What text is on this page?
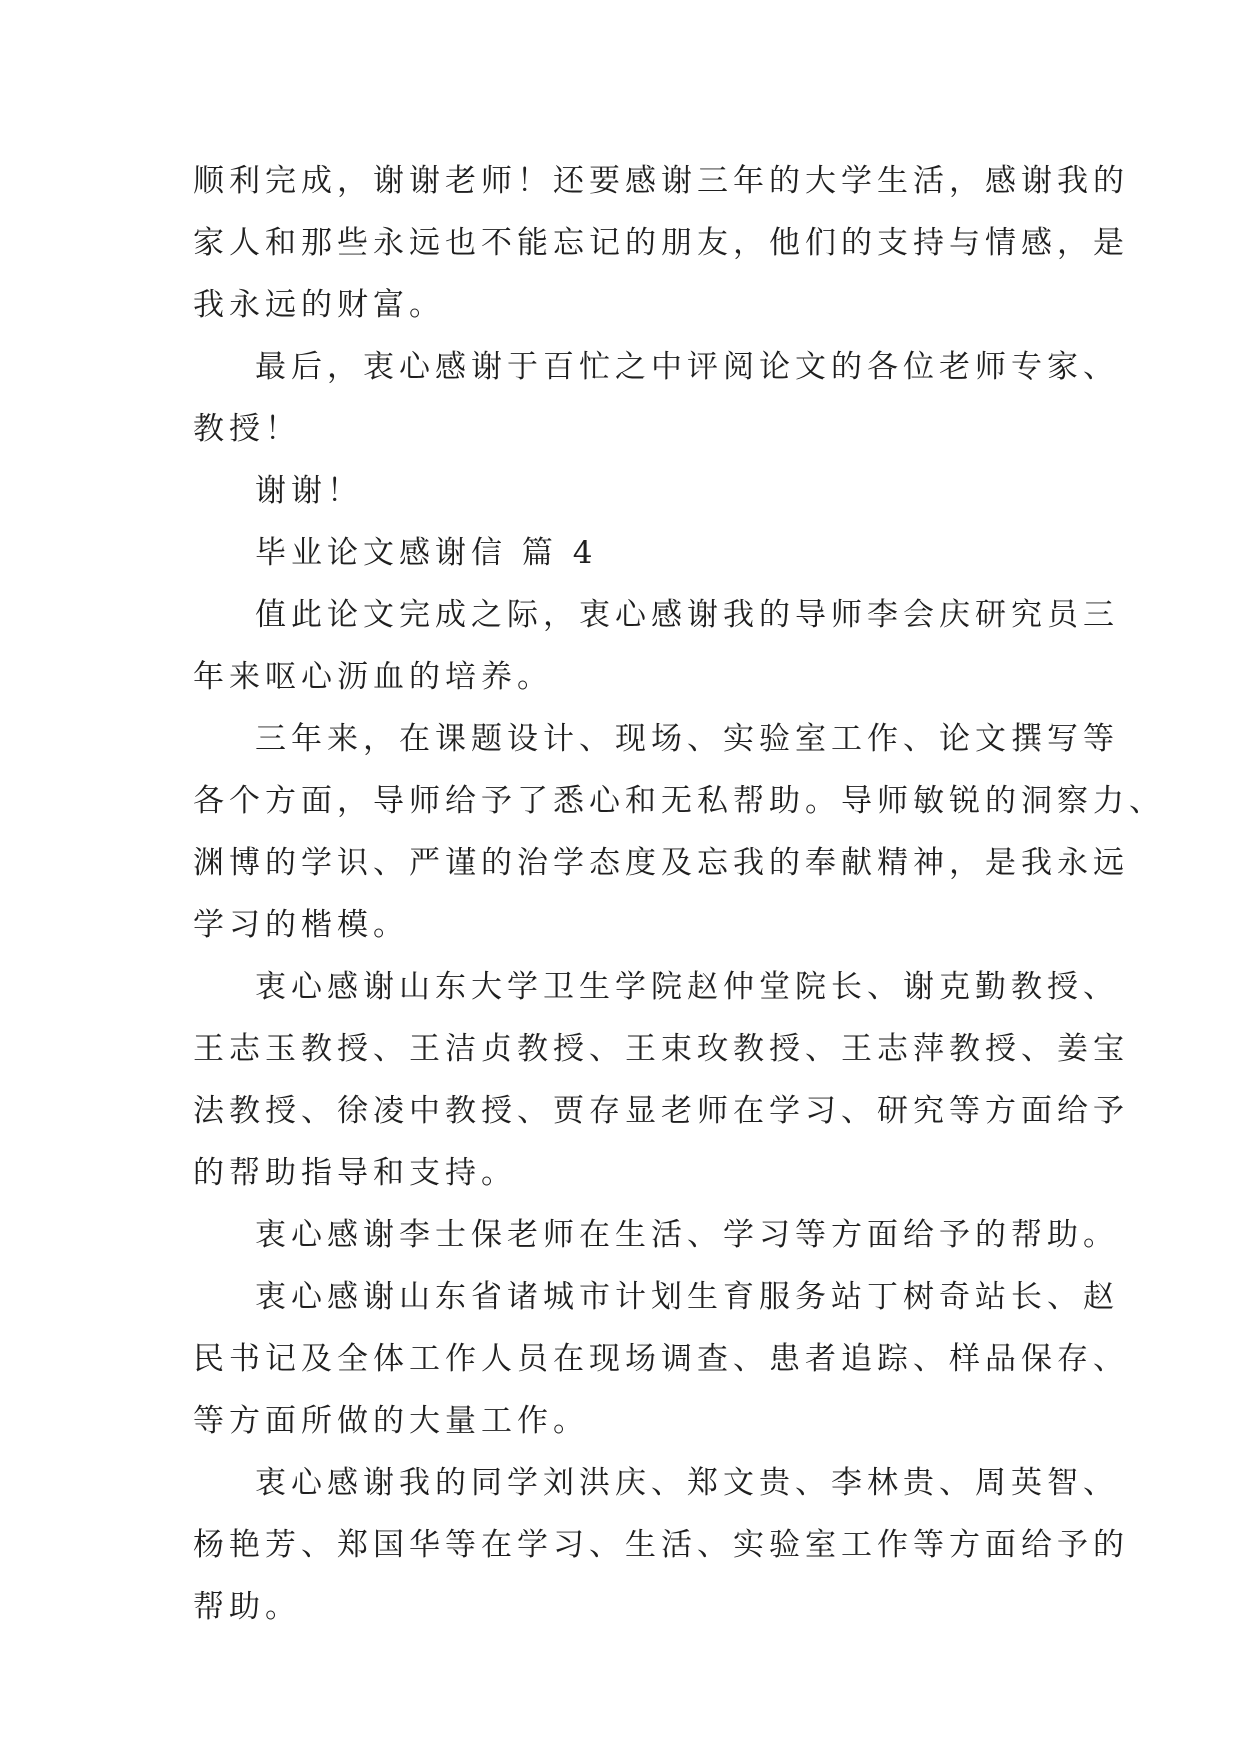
顺利完成，谢谢老师！还要感谢三年的大学生活，感谢我的
家人和那些永远也不能忘记的朋友，他们的支持与情感，是
我永远的财富。
最后，衷心感谢于百忙之中评阅论文的各位老师专家、
教授！
谢谢！
毕业论文感谢信 篇 4
值此论文完成之际，衷心感谢我的导师李会庆研究员三
年来呕心沥血的培养。
三年来，在课题设计、现场、实验室工作、论文撰写等
各个方面，导师给予了悉心和无私帮助。导师敏锐的洞察力、
渊博的学识、严谨的治学态度及忘我的奉献精神，是我永远
学习的楷模。
衷心感谢山东大学卫生学院赵仲堂院长、谢克勤教授、
王志玉教授、王洁贞教授、王束玫教授、王志萍教授、姜宝
法教授、徐凌中教授、贾存显老师在学习、研究等方面给予
的帮助指导和支持。
衷心感谢李士保老师在生活、学习等方面给予的帮助。
衷心感谢山东省诸城市计划生育服务站丁树奇站长、赵
民书记及全体工作人员在现场调查、患者追踪、样品保存、
等方面所做的大量工作。
衷心感谢我的同学刘洪庆、郑文贵、李林贵、周英智、
杨艳芳、郑国华等在学习、生活、实验室工作等方面给予的
帮助。
